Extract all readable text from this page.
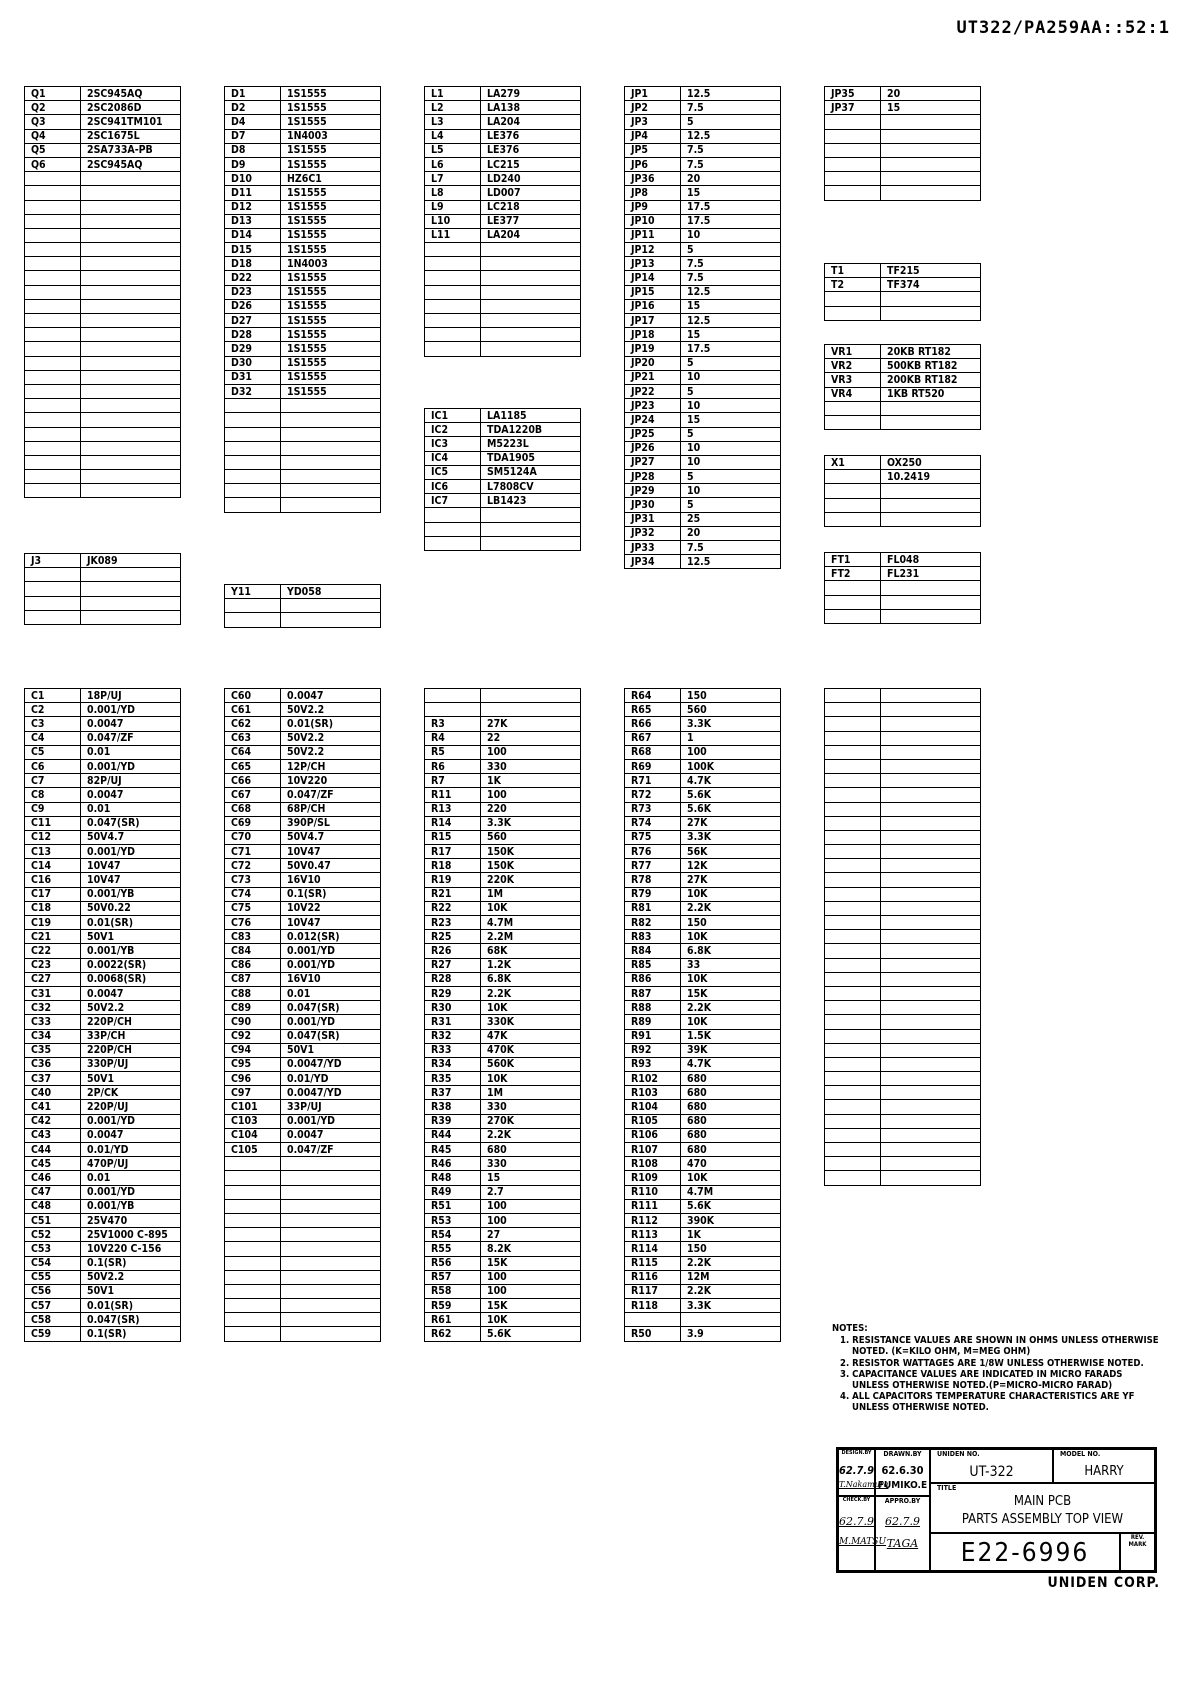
UT322/PA259AA::52:1
Q1	2SC945AQ
Q2	2SC2086D
Q3	2SC941TM101
Q4	2SC1675L
Q5	2SA733A-PB
Q6	2SC945AQ

J3	JK089

D1	1S1555
D2	1S1555
D4	1S1555
D7	1N4003
D8	1S1555
D9	1S1555
D10	HZ6C1
D11	1S1555
D12	1S1555
D13	1S1555
D14	1S1555
D15	1S1555
D18	1N4003
D22	1S1555
D23	1S1555
D26	1S1555
D27	1S1555
D28	1S1555
D29	1S1555
D30	1S1555
D31	1S1555
D32	1S1555

Y11	YD058

L1	LA279
L2	LA138
L3	LA204
L4	LE376
L5	LE376
L6	LC215
L7	LD240
L8	LD007
L9	LC218
L10	LE377
L11	LA204

IC1	LA1185
IC2	TDA1220B
IC3	M5223L
IC4	TDA1905
IC5	SM5124A
IC6	L7808CV
IC7	LB1423

JP1	12.5
JP2	7.5
JP3	5
JP4	12.5
JP5	7.5
JP6	7.5
JP36	20
JP8	15
JP9	17.5
JP10	17.5
JP11	10
JP12	5
JP13	7.5
JP14	7.5
JP15	12.5
JP16	15
JP17	12.5
JP18	15
JP19	17.5
JP20	5
JP21	10
JP22	5
JP23	10
JP24	15
JP25	5
JP26	10
JP27	10
JP28	5
JP29	10
JP30	5
JP31	25
JP32	20
JP33	7.5
JP34	12.5
JP35	20
JP37	15

T1	TF215
T2	TF374

VR1	20KB RT182
VR2	500KB RT182
VR3	200KB RT182
VR4	1KB RT520

X1	OX250
	10.2419

FT1	FL048
FT2	FL231

C1	18P/UJ
C2	0.001/YD
C3	0.0047
C4	0.047/ZF
C5	0.01
C6	0.001/YD
C7	82P/UJ
C8	0.0047
C9	0.01
C11	0.047(SR)
C12	50V4.7
C13	0.001/YD
C14	10V47
C16	10V47
C17	0.001/YB
C18	50V0.22
C19	0.01(SR)
C21	50V1
C22	0.001/YB
C23	0.0022(SR)
C27	0.0068(SR)
C31	0.0047
C32	50V2.2
C33	220P/CH
C34	33P/CH
C35	220P/CH
C36	330P/UJ
C37	50V1
C40	2P/CK
C41	220P/UJ
C42	0.001/YD
C43	0.0047
C44	0.01/YD
C45	470P/UJ
C46	0.01
C47	0.001/YD
C48	0.001/YB
C51	25V470
C52	25V1000 C-895
C53	10V220 C-156
C54	0.1(SR)
C55	50V2.2
C56	50V1
C57	0.01(SR)
C58	0.047(SR)
C59	0.1(SR)
C60	0.0047
C61	50V2.2
C62	0.01(SR)
C63	50V2.2
C64	50V2.2
C65	12P/CH
C66	10V220
C67	0.047/ZF
C68	68P/CH
C69	390P/SL
C70	50V4.7
C71	10V47
C72	50V0.47
C73	16V10
C74	0.1(SR)
C75	10V22
C76	10V47
C83	0.012(SR)
C84	0.001/YD
C86	0.001/YD
C87	16V10
C88	0.01
C89	0.047(SR)
C90	0.001/YD
C92	0.047(SR)
C94	50V1
C95	0.0047/YD
C96	0.01/YD
C97	0.0047/YD
C101	33P/UJ
C103	0.001/YD
C104	0.0047
C105	0.047/ZF

R3	27K
R4	22
R5	100
R6	330
R7	1K
R11	100
R13	220
R14	3.3K
R15	560
R17	150K
R18	150K
R19	220K
R21	1M
R22	10K
R23	4.7M
R25	2.2M
R26	68K
R27	1.2K
R28	6.8K
R29	2.2K
R30	10K
R31	330K
R32	47K
R33	470K
R34	560K
R35	10K
R37	1M
R38	330
R39	270K
R44	2.2K
R45	680
R46	330
R48	15
R49	2.7
R51	100
R53	100
R54	27
R55	8.2K
R56	15K
R57	100
R58	100
R59	15K
R61	10K
R62	5.6K
R64	150
R65	560
R66	3.3K
R67	1
R68	100
R69	100K
R71	4.7K
R72	5.6K
R73	5.6K
R74	27K
R75	3.3K
R76	56K
R77	12K
R78	27K
R79	10K
R81	2.2K
R82	150
R83	10K
R84	6.8K
R85	33
R86	10K
R87	15K
R88	2.2K
R89	10K
R91	1.5K
R92	39K
R93	4.7K
R102	680
R103	680
R104	680
R105	680
R106	680
R107	680
R108	470
R109	10K
R110	4.7M
R111	5.6K
R112	390K
R113	1K
R114	150
R115	2.2K
R116	12M
R117	2.2K
R118	3.3K

R50	3.9

		NOTES:
1. RESISTANCE VALUES ARE SHOWN IN OHMS UNLESS OTHERWISE NOTED. (K=KILO OHM, M=MEG OHM)
2. RESISTOR WATTAGES ARE 1/8W UNLESS OTHERWISE NOTED.
3. CAPACITANCE VALUES ARE INDICATED IN MICRO FARADS UNLESS OTHERWISE NOTED.(P=MICRO-MICRO FARAD)
4. ALL CAPACITORS TEMPERATURE CHARACTERISTICS ARE YF UNLESS OTHERWISE NOTED.
DESIGN.BY
62.7.9
T.Nakamura
DRAWN.BY
62.6.30
FUMIKO.E
UNIDEN NO.
UT-322
MODEL NO.
HARRY
TITLE
MAIN PCB
PARTS ASSEMBLY TOP VIEW
CHECK.BY
62.7.9
M.MATSU
APPRO.BY
62.7.9
TAGA	E22-6996
REV. MARK
UNIDEN CORP.
